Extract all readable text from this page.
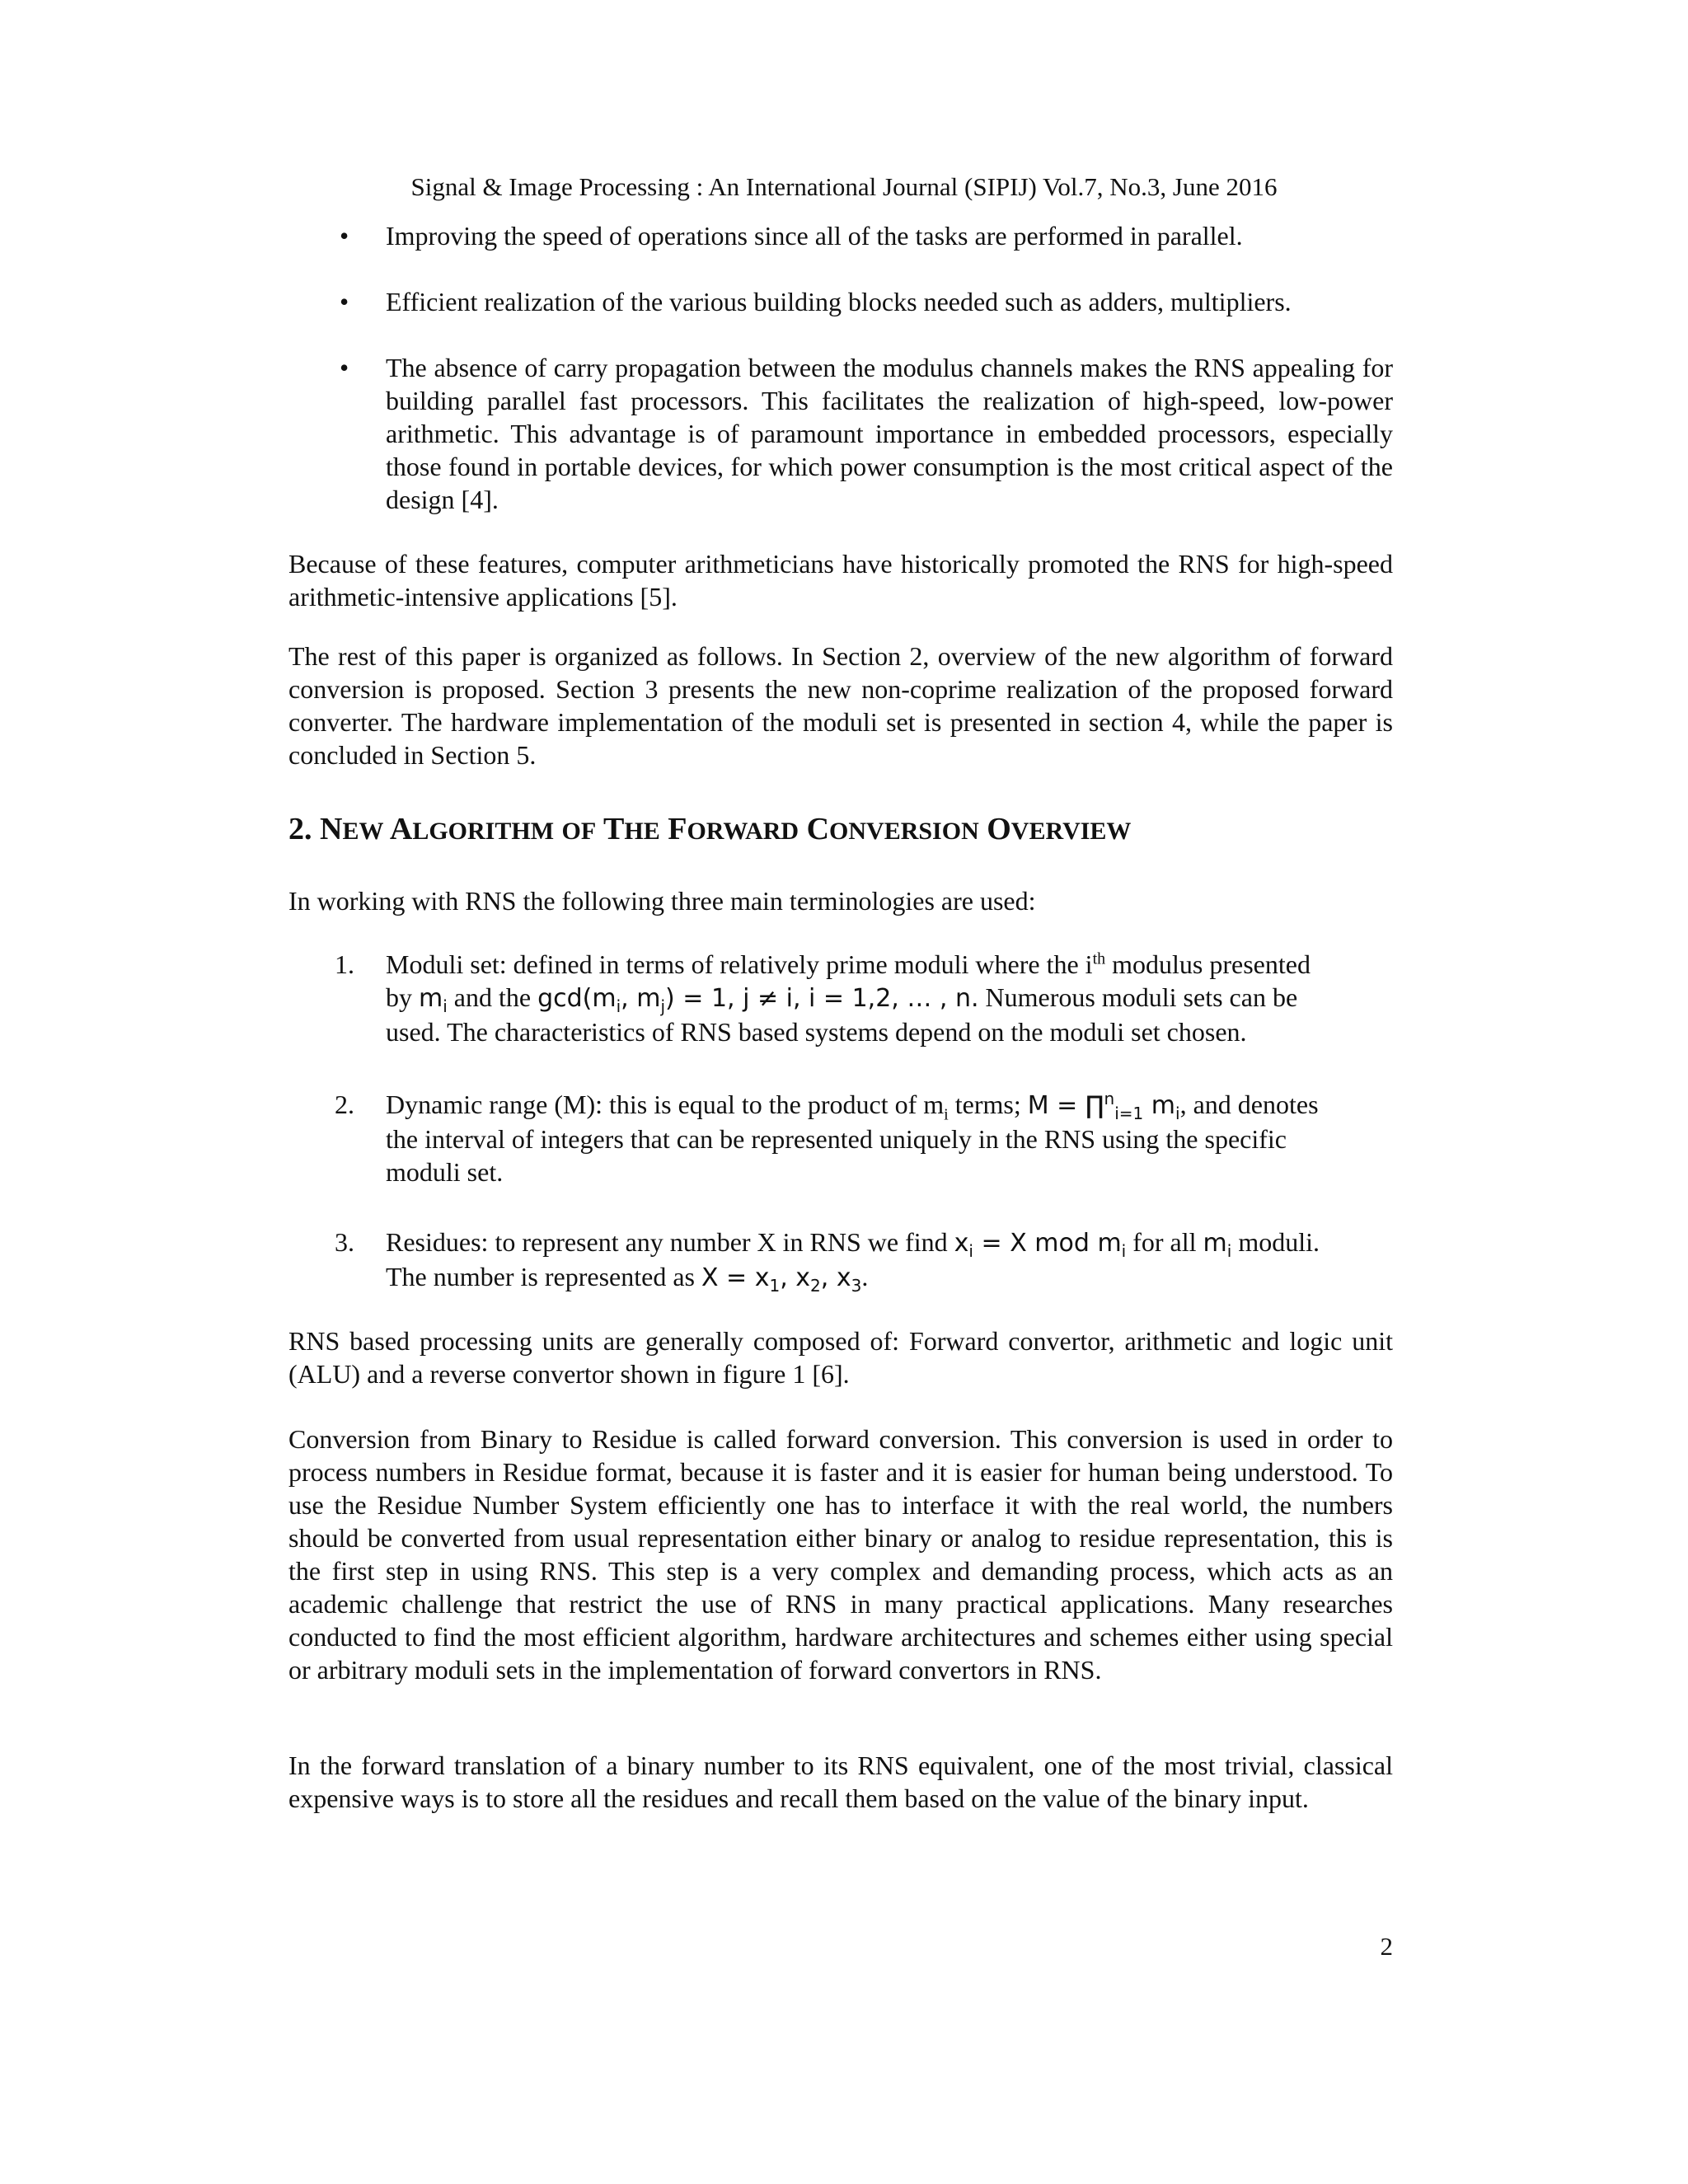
Signal & Image Processing : An International Journal (SIPIJ) Vol.7, No.3, June 2016
• Improving the speed of operations since all of the tasks are performed in parallel.
• Efficient realization of the various building blocks needed such as adders, multipliers.
• The absence of carry propagation between the modulus channels makes the RNS appealing for building parallel fast processors. This facilitates the realization of high-speed, low-power arithmetic. This advantage is of paramount importance in embedded processors, especially those found in portable devices, for which power consumption is the most critical aspect of the design [4].
Because of these features, computer arithmeticians have historically promoted the RNS for high-speed arithmetic-intensive applications [5].
The rest of this paper is organized as follows. In Section 2, overview of the new algorithm of forward conversion is proposed. Section 3 presents the new non-coprime realization of the proposed forward converter. The hardware implementation of the moduli set is presented in section 4, while the paper is concluded in Section 5.
2. NEW ALGORITHM OF THE FORWARD CONVERSION OVERVIEW
In working with RNS the following three main terminologies are used:
1. Moduli set: defined in terms of relatively prime moduli where the $i^{th}$ modulus presented
by $m_i$ and the $\gcd(m_i$, $m_j) = 1$, j ≠ i, i = 1,2, … , n. Numerous moduli sets can be
used. The characteristics of RNS based systems depend on the moduli set chosen.
2. Dynamic range (M): this is equal to the product of $m_i$ terms; M = ∏$^n_{i=1}$ $m_i$, and denotes
the interval of integers that can be represented uniquely in the RNS using the specific
moduli set.
3. Residues: to represent any number X in RNS we find $x_i = X$ mod $m_i$ for all $m_i$ moduli.
The number is represented as $X = x_1$, $x_2$, $x_3$.
RNS based processing units are generally composed of: Forward convertor, arithmetic and logic unit (ALU) and a reverse convertor shown in figure 1 [6].
Conversion from Binary to Residue is called forward conversion. This conversion is used in order to process numbers in Residue format, because it is faster and it is easier for human being understood. To use the Residue Number System efficiently one has to interface it with the real world, the numbers should be converted from usual representation either binary or analog to residue representation, this is the first step in using RNS. This step is a very complex and demanding process, which acts as an academic challenge that restrict the use of RNS in many practical applications. Many researches conducted to find the most efficient algorithm, hardware architectures and schemes either using special or arbitrary moduli sets in the implementation of forward convertors in RNS.
In the forward translation of a binary number to its RNS equivalent, one of the most trivial, classical expensive ways is to store all the residues and recall them based on the value of the binary input.
2
